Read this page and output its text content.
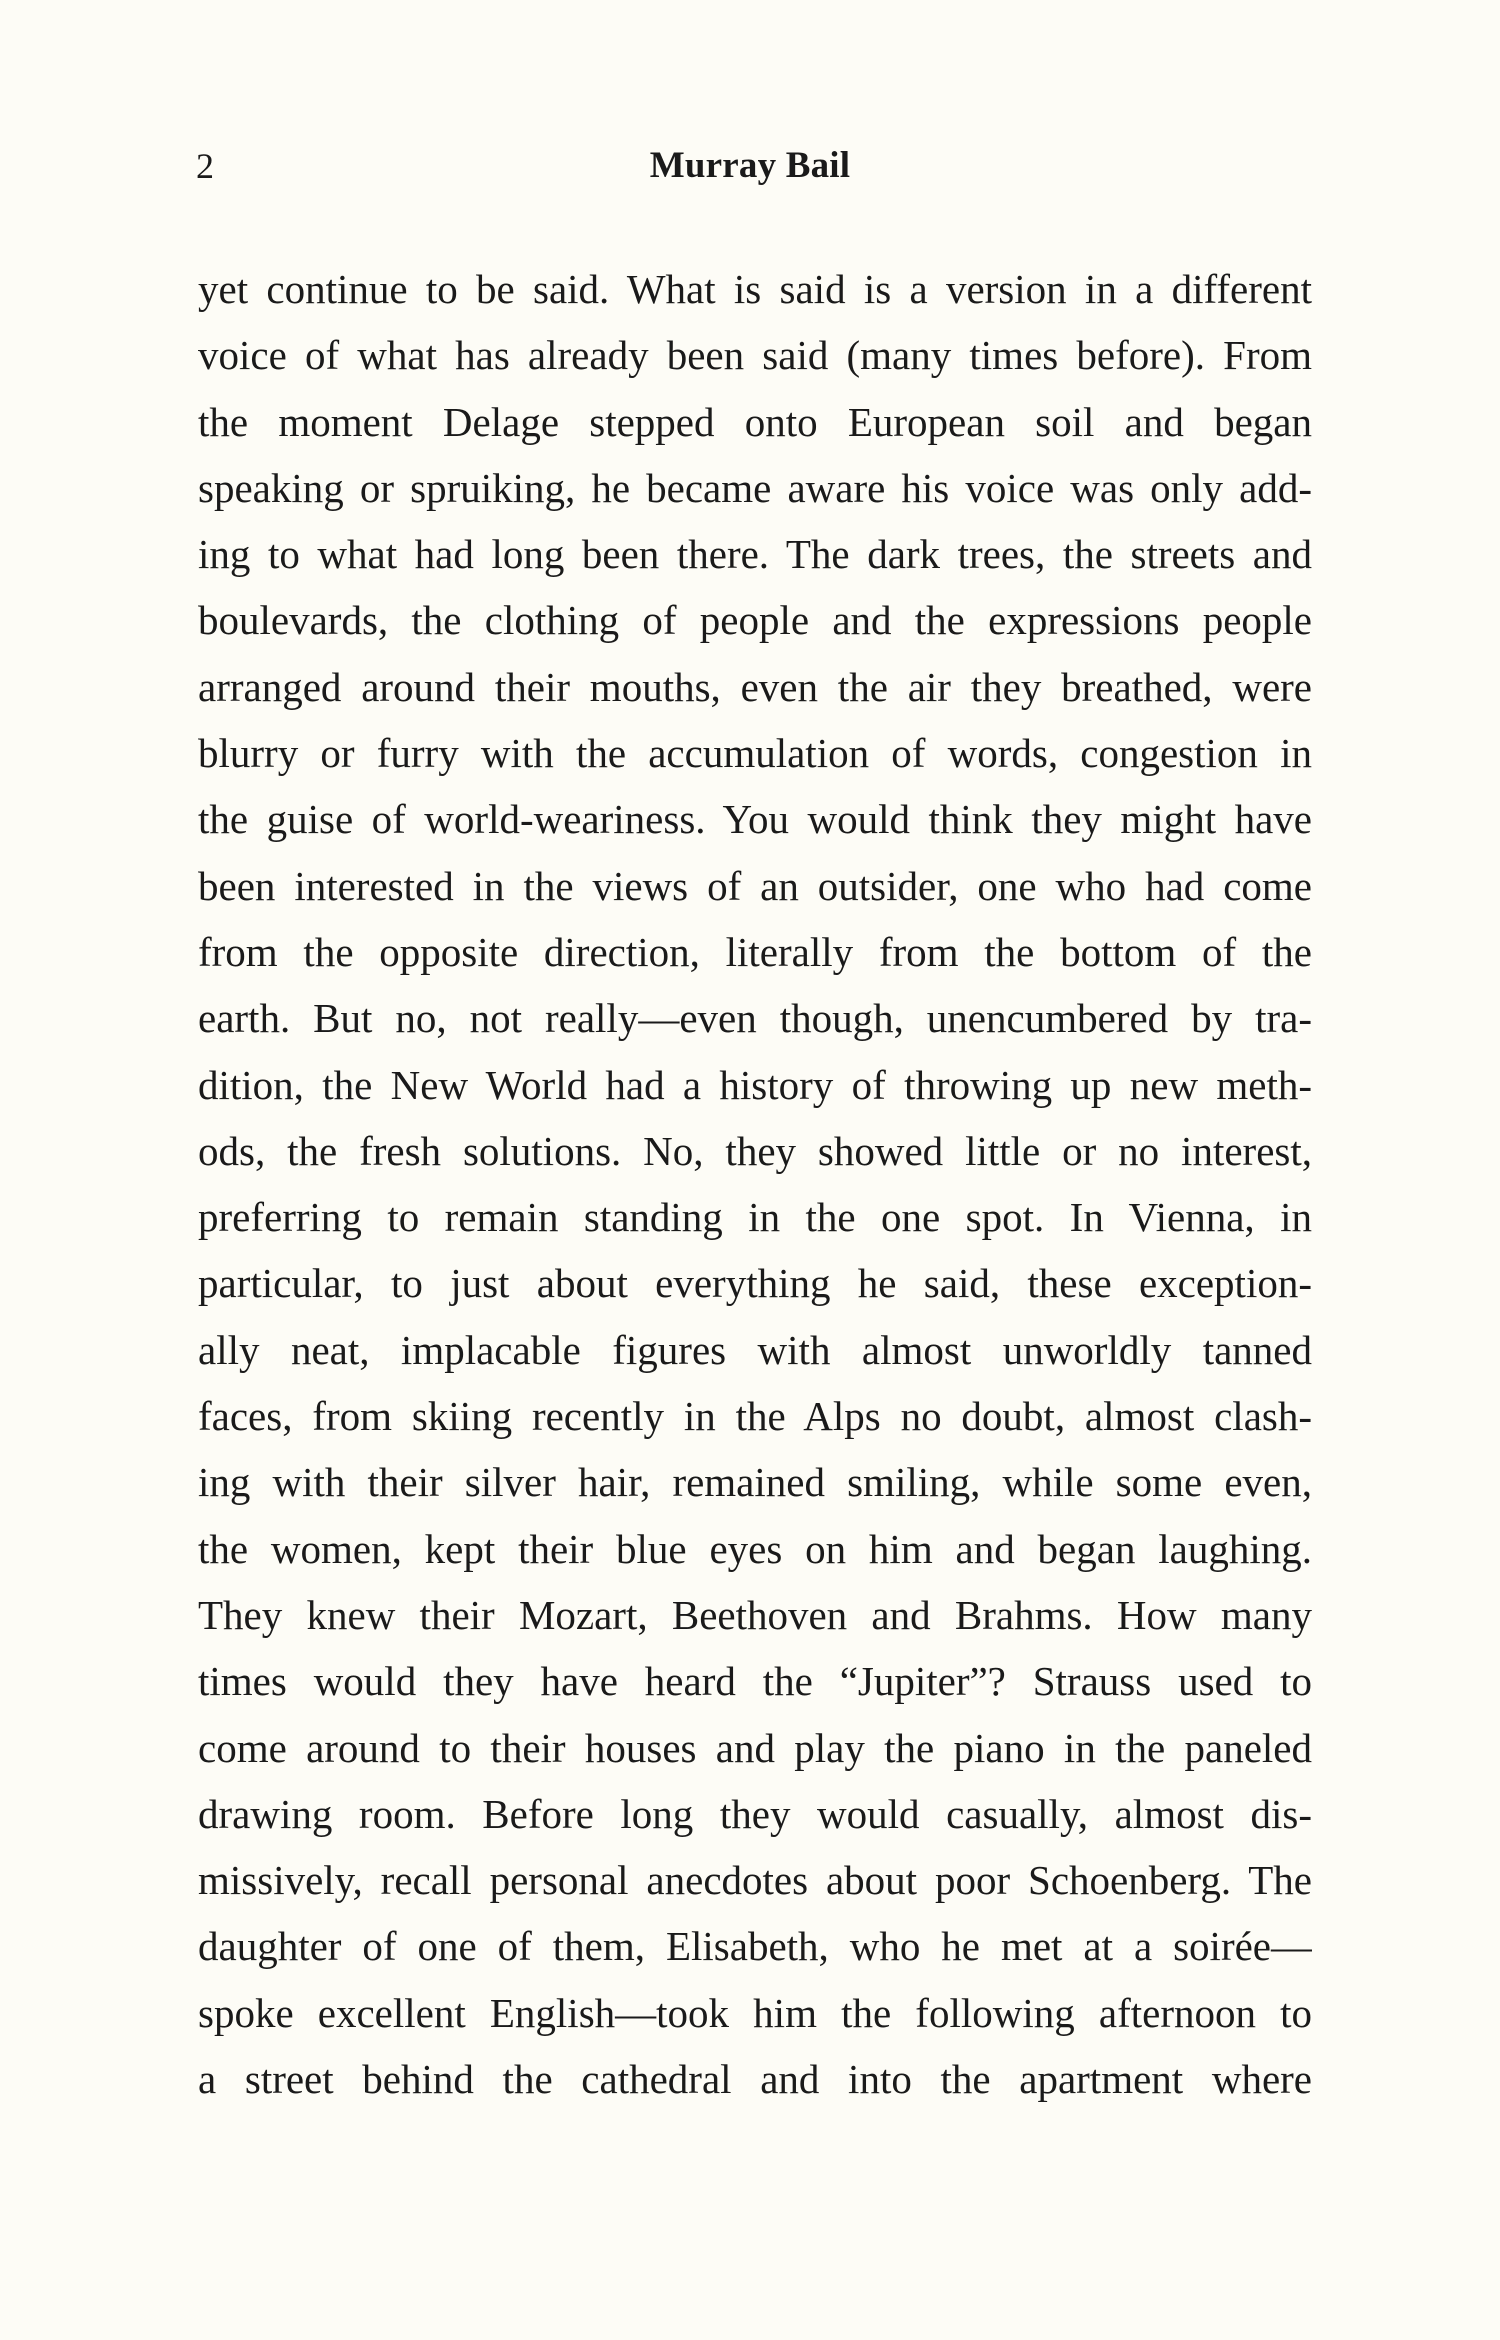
2	Murray Bail
yet continue to be said. What is said is a version in a different
voice of what has already been said (many times before). From
the moment Delage stepped onto European soil and began
speaking or spruiking, he became aware his voice was only add-
ing to what had long been there. The dark trees, the streets and
boulevards, the clothing of people and the expressions people
arranged around their mouths, even the air they breathed, were
blurry or furry with the accumulation of words, congestion in
the guise of world-weariness. You would think they might have
been interested in the views of an outsider, one who had come
from the opposite direction, literally from the bottom of the
earth. But no, not really—even though, unencumbered by tra-
dition, the New World had a history of throwing up new meth-
ods, the fresh solutions. No, they showed little or no interest,
preferring to remain standing in the one spot. In Vienna, in
particular, to just about everything he said, these exception-
ally neat, implacable figures with almost unworldly tanned
faces, from skiing recently in the Alps no doubt, almost clash-
ing with their silver hair, remained smiling, while some even,
the women, kept their blue eyes on him and began laughing.
They knew their Mozart, Beethoven and Brahms. How many
times would they have heard the “Jupiter”? Strauss used to
come around to their houses and play the piano in the paneled
drawing room. Before long they would casually, almost dis-
missively, recall personal anecdotes about poor Schoenberg. The
daughter of one of them, Elisabeth, who he met at a soirée—
spoke excellent English—took him the following afternoon to
a street behind the cathedral and into the apartment where
